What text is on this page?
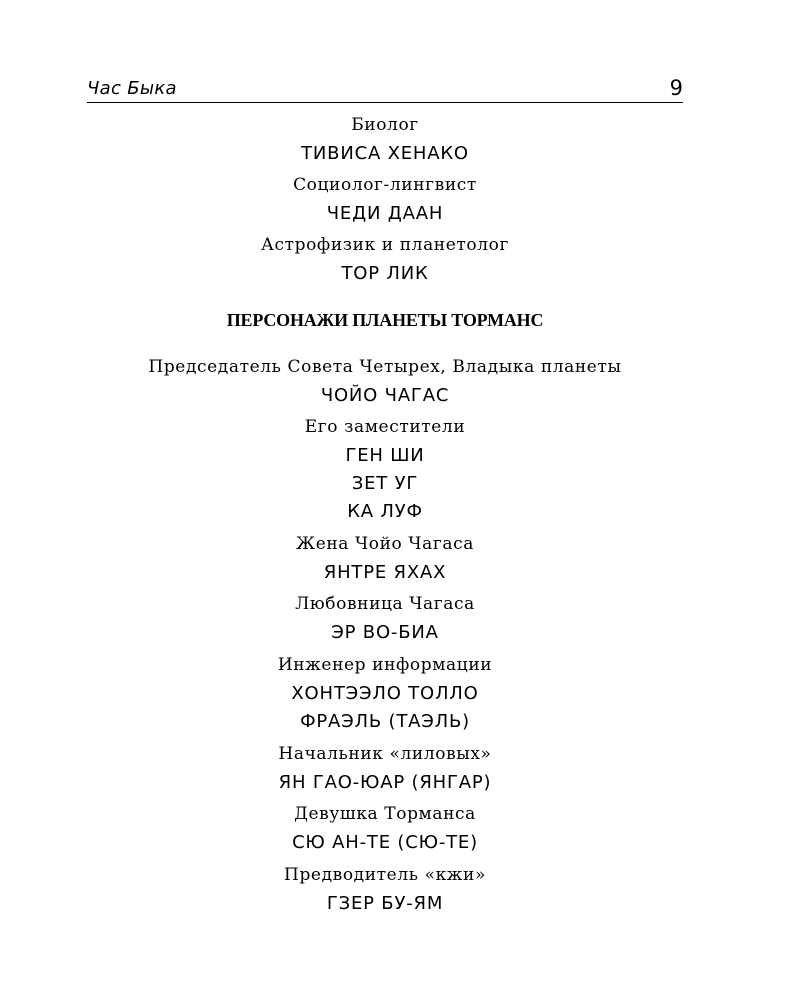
Час Быка	9
Биолог
ТИВИСА ХЕНАКО
Социолог-лингвист
ЧЕДИ ДААН
Астрофизик и планетолог
ТОР ЛИК
ПЕРСОНАЖИ ПЛАНЕТЫ ТОРМАНС
Председатель Совета Четырех, Владыка планеты
ЧОЙО ЧАГАС
Его заместители
ГЕН ШИ
ЗЕТ УГ
КА ЛУФ
Жена Чойо Чагаса
ЯНТРЕ ЯХАХ
Любовница Чагаса
ЭР ВО-БИА
Инженер информации
ХОНТЭЭЛО ТОЛЛО
ФРАЭЛЬ (ТАЭЛЬ)
Начальник «лиловых»
ЯН ГАО-ЮАР (ЯНГАР)
Девушка Торманса
СЮ АН-ТЕ (СЮ-ТЕ)
Предводитель «кжи»
ГЗЕР БУ-ЯМ
